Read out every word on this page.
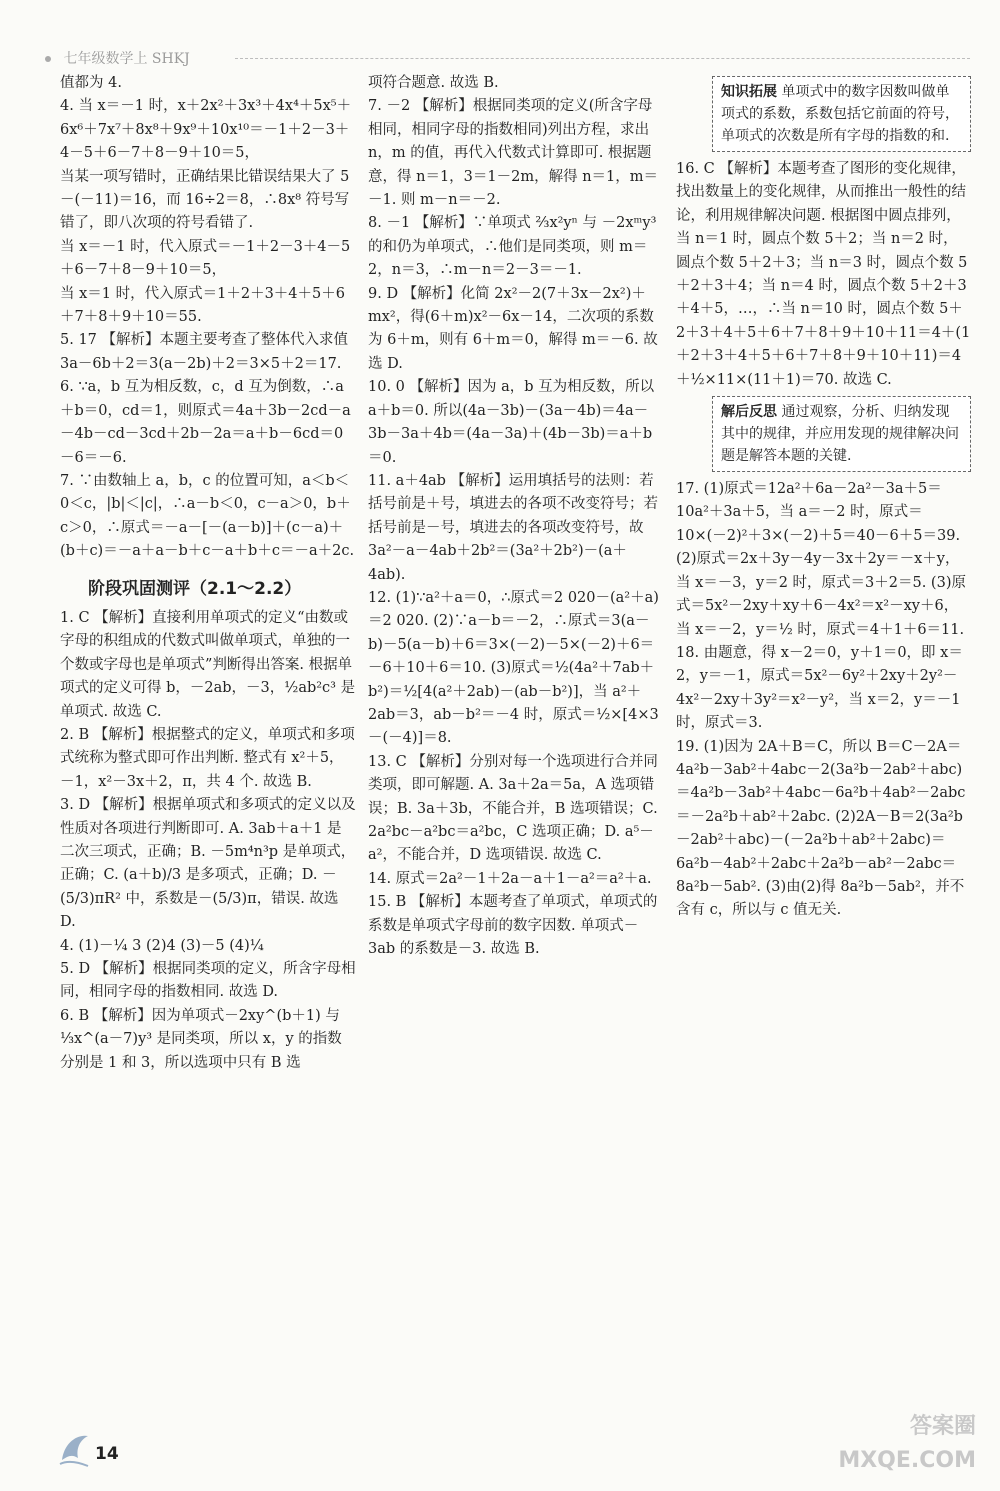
七年级数学上 SHKJ

值都为 4.

4. 当 x＝－1 时，x＋2x²＋3x³＋4x⁴＋5x⁵＋6x⁶＋7x⁷＋8x⁸＋9x⁹＋10x¹⁰＝－1＋2－3＋4－5＋6－7＋8－9＋10＝5，

当某一项写错时，正确结果比错误结果大了 5－(－11)＝16，而 16÷2＝8，∴8x⁸ 符号写错了，即八次项的符号看错了.

当 x＝－1 时，代入原式＝－1＋2－3＋4－5＋6－7＋8－9＋10＝5，

当 x＝1 时，代入原式＝1＋2＋3＋4＋5＋6＋7＋8＋9＋10＝55.

5. 17 【解析】本题主要考查了整体代入求值 3a－6b＋2＝3(a－2b)＋2＝3×5＋2＝17.

6. ∵a，b 互为相反数，c，d 互为倒数，∴a＋b＝0，cd＝1，则原式＝4a＋3b－2cd－a－4b－cd－3cd＋2b－2a＝a＋b－6cd＝0－6＝－6.

7. ∵由数轴上 a，b，c 的位置可知，a＜b＜0＜c，|b|＜|c|，∴a－b＜0，c－a＞0，b＋c＞0，∴原式＝－a－[－(a－b)]＋(c－a)＋(b＋c)＝－a＋a－b＋c－a＋b＋c＝－a＋2c.

阶段巩固测评（2.1～2.2）

1. C 【解析】直接利用单项式的定义“由数或字母的积组成的代数式叫做单项式，单独的一个数或字母也是单项式”判断得出答案. 根据单项式的定义可得 b，－2ab，－3，½ab²c³ 是单项式. 故选 C.

2. B 【解析】根据整式的定义，单项式和多项式统称为整式即可作出判断. 整式有 x²＋5，－1，x²－3x＋2，π，共 4 个. 故选 B.

3. D 【解析】根据单项式和多项式的定义以及性质对各项进行判断即可. A. 3ab＋a＋1 是二次三项式，正确；B. －5m⁴n³p 是单项式，正确；C. (a＋b)/3 是多项式，正确；D. －(5/3)πR² 中，系数是－(5/3)π，错误. 故选 D.

4. (1)－¼ 3 (2)4 (3)－5 (4)¼

5. D 【解析】根据同类项的定义，所含字母相同，相同字母的指数相同. 故选 D.

6. B 【解析】因为单项式－2xy^(b＋1) 与 ⅓x^(a－7)y³ 是同类项，所以 x，y 的指数分别是 1 和 3，所以选项中只有 B 选

项符合题意. 故选 B.

7. －2 【解析】根据同类项的定义(所含字母相同，相同字母的指数相同)列出方程，求出 n，m 的值，再代入代数式计算即可. 根据题意，得 n＝1，3＝1－2m，解得 n＝1，m＝－1. 则 m－n＝－2.

8. －1 【解析】∵单项式 ⅔x²yⁿ 与 －2xᵐy³ 的和仍为单项式，∴他们是同类项，则 m＝2，n＝3，∴m－n＝2－3＝－1.

9. D 【解析】化简 2x²－2(7＋3x－2x²)＋mx²，得(6＋m)x²－6x－14，二次项的系数为 6＋m，则有 6＋m＝0，解得 m＝－6. 故选 D.

10. 0 【解析】因为 a，b 互为相反数，所以 a＋b＝0. 所以(4a－3b)－(3a－4b)＝4a－3b－3a＋4b＝(4a－3a)＋(4b－3b)＝a＋b＝0.

11. a＋4ab 【解析】运用填括号的法则：若括号前是＋号，填进去的各项不改变符号；若括号前是－号，填进去的各项改变符号，故 3a²－a－4ab＋2b²＝(3a²＋2b²)－(a＋4ab).

12. (1)∵a²＋a＝0，∴原式＝2 020－(a²＋a)＝2 020. (2)∵a－b＝－2，∴原式＝3(a－b)－5(a－b)＋6＝3×(－2)－5×(－2)＋6＝－6＋10＋6＝10. (3)原式＝½(4a²＋7ab＋b²)＝½[4(a²＋2ab)－(ab－b²)]，当 a²＋2ab＝3，ab－b²＝－4 时，原式＝½×[4×3－(－4)]＝8.

13. C 【解析】分别对每一个选项进行合并同类项，即可解题. A. 3a＋2a＝5a，A 选项错误；B. 3a＋3b，不能合并，B 选项错误；C. 2a²bc－a²bc＝a²bc，C 选项正确；D. a⁵－a²，不能合并，D 选项错误. 故选 C.

14. 原式＝2a²－1＋2a－a＋1－a²＝a²＋a.

15. B 【解析】本题考查了单项式，单项式的系数是单项式字母前的数字因数. 单项式－3ab 的系数是－3. 故选 B.

知识拓展 单项式中的数字因数叫做单项式的系数，系数包括它前面的符号，单项式的次数是所有字母的指数的和.

16. C 【解析】本题考查了图形的变化规律，找出数量上的变化规律，从而推出一般性的结论，利用规律解决问题. 根据图中圆点排列，当 n＝1 时，圆点个数 5＋2；当 n＝2 时，圆点个数 5＋2＋3；当 n＝3 时，圆点个数 5＋2＋3＋4；当 n＝4 时，圆点个数 5＋2＋3＋4＋5，…，∴当 n＝10 时，圆点个数 5＋2＋3＋4＋5＋6＋7＋8＋9＋10＋11＝4＋(1＋2＋3＋4＋5＋6＋7＋8＋9＋10＋11)＝4＋½×11×(11＋1)＝70. 故选 C.

解后反思 通过观察，分析、归纳发现其中的规律，并应用发现的规律解决问题是解答本题的关键.

17. (1)原式＝12a²＋6a－2a²－3a＋5＝10a²＋3a＋5，当 a＝－2 时，原式＝10×(－2)²＋3×(－2)＋5＝40－6＋5＝39. (2)原式＝2x＋3y－4y－3x＋2y＝－x＋y，当 x＝－3，y＝2 时，原式＝3＋2＝5. (3)原式＝5x²－2xy＋xy＋6－4x²＝x²－xy＋6，当 x＝－2，y＝½ 时，原式＝4＋1＋6＝11.

18. 由题意，得 x－2＝0，y＋1＝0，即 x＝2，y＝－1，原式＝5x²－6y²＋2xy＋2y²－4x²－2xy＋3y²＝x²－y²，当 x＝2，y＝－1 时，原式＝3.

19. (1)因为 2A＋B＝C，所以 B＝C－2A＝4a²b－3ab²＋4abc－2(3a²b－2ab²＋abc)＝4a²b－3ab²＋4abc－6a²b＋4ab²－2abc＝－2a²b＋ab²＋2abc. (2)2A－B＝2(3a²b－2ab²＋abc)－(－2a²b＋ab²＋2abc)＝6a²b－4ab²＋2abc＋2a²b－ab²－2abc＝8a²b－5ab². (3)由(2)得 8a²b－5ab²，并不含有 c，所以与 c 值无关.

14
答案圈
MXQE.COM
